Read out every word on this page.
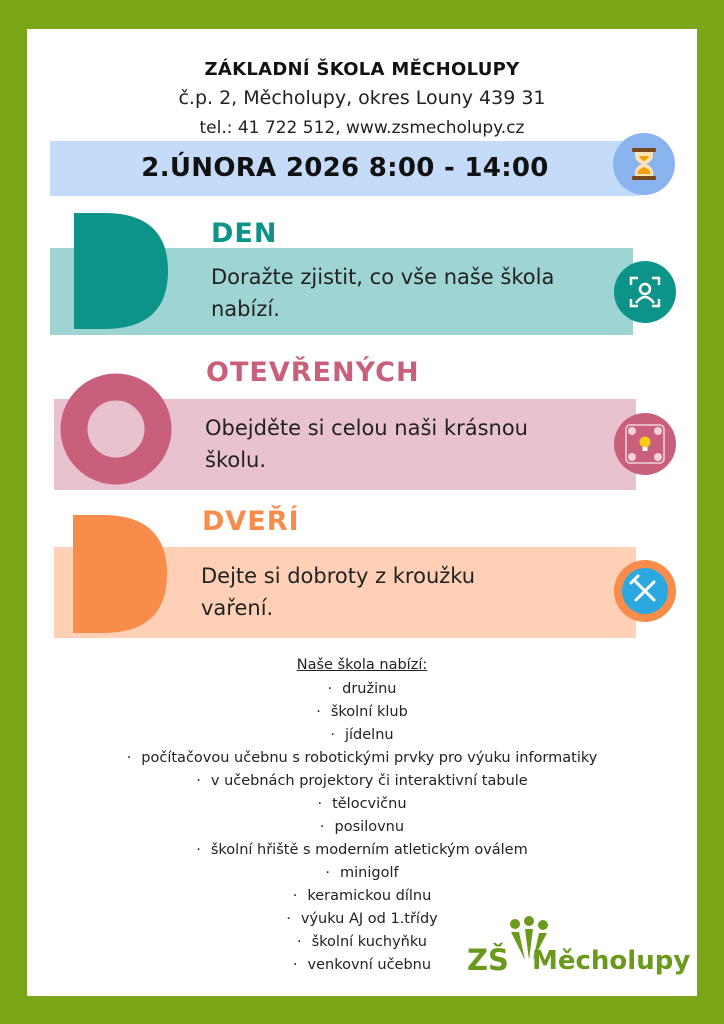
ZÁKLADNÍ ŠKOLA MĚCHOLUPY
č.p. 2, Měcholupy, okres Louny 439 31
tel.: 41 722 512, www.zsmecholupy.cz
2.ÚNORA 2026 8:00 - 14:00
DEN
Doražte zjistit, co vše naše škola
nabízí.
OTEVŘENÝCH
Obejděte si celou naši krásnou
školu.
DVEŘÍ
Dejte si dobroty z kroužku
vaření.
Naše škola nabízí:
· družinu
· školní klub
· jídelnu
· počítačovou učebnu s robotickými prvky pro výuku informatiky
· v učebnách projektory či interaktivní tabule
· tělocvičnu
· posilovnu
· školní hřiště s moderním atletickým oválem
· minigolf
· keramickou dílnu
· výuku AJ od 1.třídy
· školní kuchyňku
· venkovní učebnu	ZŠ Měcholupy
